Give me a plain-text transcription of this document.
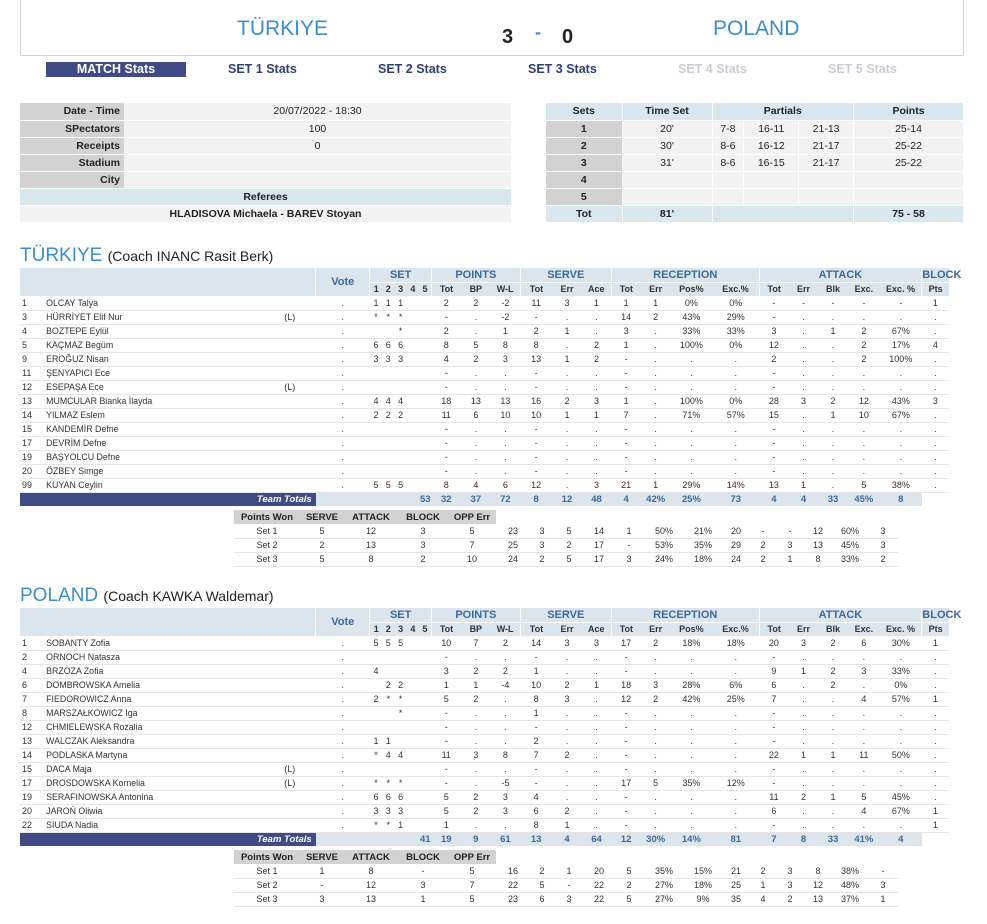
TÜRKIYE	3 - 0	POLAND
MATCH Stats	SET 1 Stats	SET 2 Stats	SET 3 Stats	SET 4 Stats	SET 5 Stats
Date - Time	20/07/2022 - 18:30
SPectators	100
Receipts	0
Stadium	
City	
Referees	
HLADISOVA Michaela - BAREV Stoyan	
Sets	Time Set	Partials			Points
1	20'	7-8	16-11	21-13	25-14
2	30'	8-6	16-12	21-17	25-22
3	31'	8-6	16-15	21-17	25-22
4					
5					
Tot	81'				75 - 58
TÜRKIYE (Coach INANC Rasit Berk)
			Vote	SET					POINTS			SERVE			RECEPTION				ATTACK					BLOCK
				1	2	3	4	5	Tot	BP	W-L	Tot	Err	Ace	Tot	Err	Pos%	Exc.%	Tot	Err	Blk	Exc.	Exc. %	Pts
1	OLCAY Talya		.	1	1	1			2	2	-2	11	3	1	1	1	0%	0%	-	-	-	-	-	1
3	HÜRRİYET Elif Nur	(L)	.	*	*	*			-	.	-2	-	.	.	14	2	43%	29%	-	.	.	.	.	.
4	BOZTEPE Eylül		.			*			2	.	1	2	1	.	3	.	33%	33%	3	.	1	2	67%	.
5	KAÇMAZ Begüm		.	6	6	6			8	5	8	8	.	2	1	.	100%	0%	12	.	.	2	17%	4
9	EROĞUZ Nisan		.	3	3	3			4	2	3	13	1	2	-	.	.	.	2	.	.	2	100%	.
11	ŞENYAPICI Ece		.						-	.	.	-	.	.	-	.	.	.	-	.	.	.	.	.
12	ESEPAŞA Ece	(L)	.						-	.	.	-	.	.	-	.	.	.	-	.	.	.	.	.
13	MUMCULAR Bianka İlayda		.	4	4	4			18	13	13	16	2	3	1	.	100%	0%	28	3	2	12	43%	3
14	YILMAZ Eslem		.	2	2	2			11	6	10	10	1	1	7	.	71%	57%	15	.	1	10	67%	.
15	KANDEMİR Defne		.						-	.	.	-	.	.	-	.	.	.	-	.	.	.	.	.
17	DEVRİM Defne		.						-	.	.	-	.	.	-	.	.	.	-	.	.	.	.	.
19	BAŞYOLCU Defne		.						-	.	.	-	.	.	-	.	.	.	-	.	.	.	.	.
20	ÖZBEY Simge		.						-	.	.	-	.	.	-	.	.	.	-	.	.	.	.	.
99	KUYAN Ceylin		.	5	5	5			8	4	6	12	.	3	21	1	29%	14%	13	1	.	5	38%	.
Team Totals								53	32	37	72	8	12	48	4	42%	25%	73	4	4	33	45%	8	
Points Won	SERVE	ATTACK	BLOCK	OPP Err													
Set 1	5	12	3	5	23	3	5	14	1	50%	21%	20	-	-	12	60%	3
Set 2	2	13	3	7	25	3	2	17	-	53%	35%	29	2	3	13	45%	3
Set 3	5	8	2	10	24	2	5	17	3	24%	18%	24	2	1	8	33%	2
POLAND (Coach KAWKA Waldemar)
			Vote	SET					POINTS			SERVE			RECEPTION				ATTACK					BLOCK
				1	2	3	4	5	Tot	BP	W-L	Tot	Err	Ace	Tot	Err	Pos%	Exc.%	Tot	Err	Blk	Exc.	Exc. %	Pts
1	SOBANTY Zofia		.	5	5	5			10	7	2	14	3	3	17	2	18%	18%	20	3	2	6	30%	1
2	ORNOCH Natasza		.						-	.	.	-	.	.	-	.	.	.	-	.	.	.	.	.
4	BRZOZA Zofia		.	4					3	2	2	1	.	.	-	.	.	.	9	1	2	3	33%	.
6	DOMBROWSKA Amelia		.		2	2			1	1	-4	10	2	1	18	3	28%	6%	6	.	2	.	0%	.
7	FIEDOROWICZ Anna		.	2	*	*			5	2	.	8	3	.	12	2	42%	25%	7	.	.	4	57%	1
8	MARSZAŁKOWICZ Iga		.			*			-	.	.	1	.	.	-	.	.	.	-	.	.	.	.	.
12	CHMIELEWSKA Rozalia		.						-	.	.	-	.	.	-	.	.	.	-	.	.	.	.	.
13	WALCZAK Aleksandra		.	1	1				-	.	.	2	.	.	-	.	.	.	-	.	.	.	.	.
14	PODLASKA Martyna		.	*	4	4			11	3	8	7	2	.	-	.	.	.	22	1	1	11	50%	.
15	DACA Maja	(L)	.						-	.	.	-	.	.	-	.	.	.	-	.	.	.	.	.
17	DROSDOWSKA Kornelia	(L)	.	*	*	*			-	.	-5	-	.	.	17	5	35%	12%	-	.	.	.	.	.
19	SERAFINOWSKA Antonina		.	6	6	6			5	2	3	4	.	.	-	.	.	.	11	2	1	5	45%	.
20	JAROŃ Oliwia		.	3	3	3			5	2	3	6	2	.	-	.	.	.	6	.	.	4	67%	1
22	SIUDA Nadia		.	*	*	1			1	.	.	8	1	.	-	.	.	.	-	.	.	.	.	1
Team Totals								41	19	9	61	13	4	64	12	30%	14%	81	7	8	33	41%	4	
Points Won	SERVE	ATTACK	BLOCK	OPP Err													
Set 1	1	8	-	5	16	2	1	20	5	35%	15%	21	2	3	8	38%	-
Set 2	-	12	3	7	22	5	-	22	2	27%	18%	25	1	3	12	48%	3
Set 3	3	13	1	5	23	6	3	22	5	27%	9%	35	4	2	13	37%	1
